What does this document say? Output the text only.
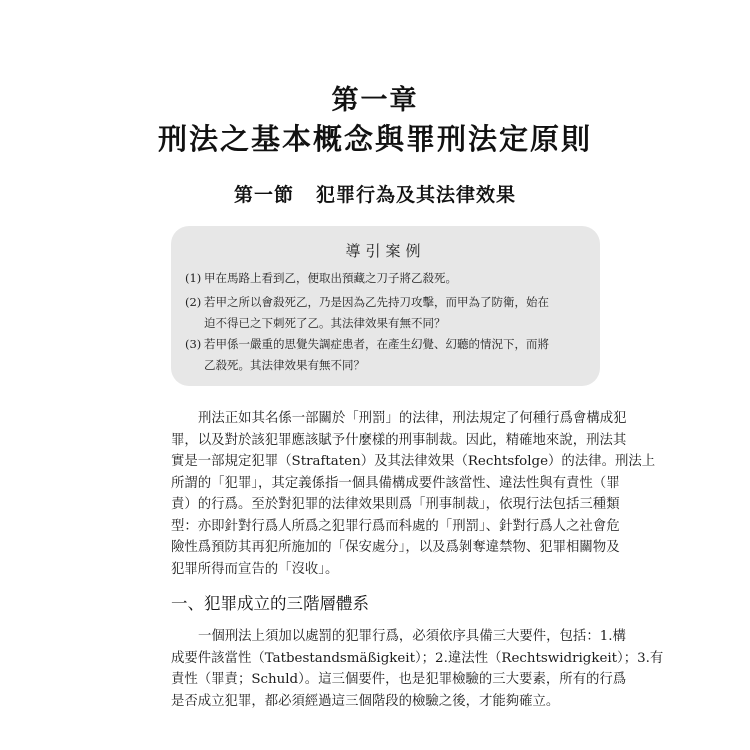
第一章
刑法之基本概念與罪刑法定原則
第一節 犯罪行為及其法律效果
導引案例
(1) 甲在馬路上看到乙，便取出預藏之刀子將乙殺死。
(2) 若甲之所以會殺死乙，乃是因為乙先持刀攻擊，而甲為了防衛，始在
迫不得已之下刺死了乙。其法律效果有無不同？
(3) 若甲係一嚴重的思覺失調症患者，在產生幻覺、幻聽的情況下，而將
乙殺死。其法律效果有無不同？
刑法正如其名係一部關於「刑罰」的法律，刑法規定了何種行爲會構成犯
罪，以及對於該犯罪應該賦予什麼樣的刑事制裁。因此，精確地來說，刑法其
實是一部規定犯罪（Straftaten）及其法律效果（Rechtsfolge）的法律。刑法上
所謂的「犯罪」，其定義係指一個具備構成要件該當性、違法性與有責性（罪
責）的行爲。至於對犯罪的法律效果則爲「刑事制裁」，依現行法包括三種類
型：亦即針對行爲人所爲之犯罪行爲而科處的「刑罰」、針對行爲人之社會危
險性爲預防其再犯所施加的「保安處分」，以及爲剝奪違禁物、犯罪相關物及
犯罪所得而宣告的「沒收」。
一、犯罪成立的三階層體系
一個刑法上須加以處罰的犯罪行爲，必須依序具備三大要件，包括：1.構
成要件該當性（Tatbestandsmäßigkeit）；2.違法性（Rechtswidrigkeit）；3.有
責性（罪責；Schuld）。這三個要件，也是犯罪檢驗的三大要素，所有的行爲
是否成立犯罪，都必須經過這三個階段的檢驗之後，才能夠確立。
